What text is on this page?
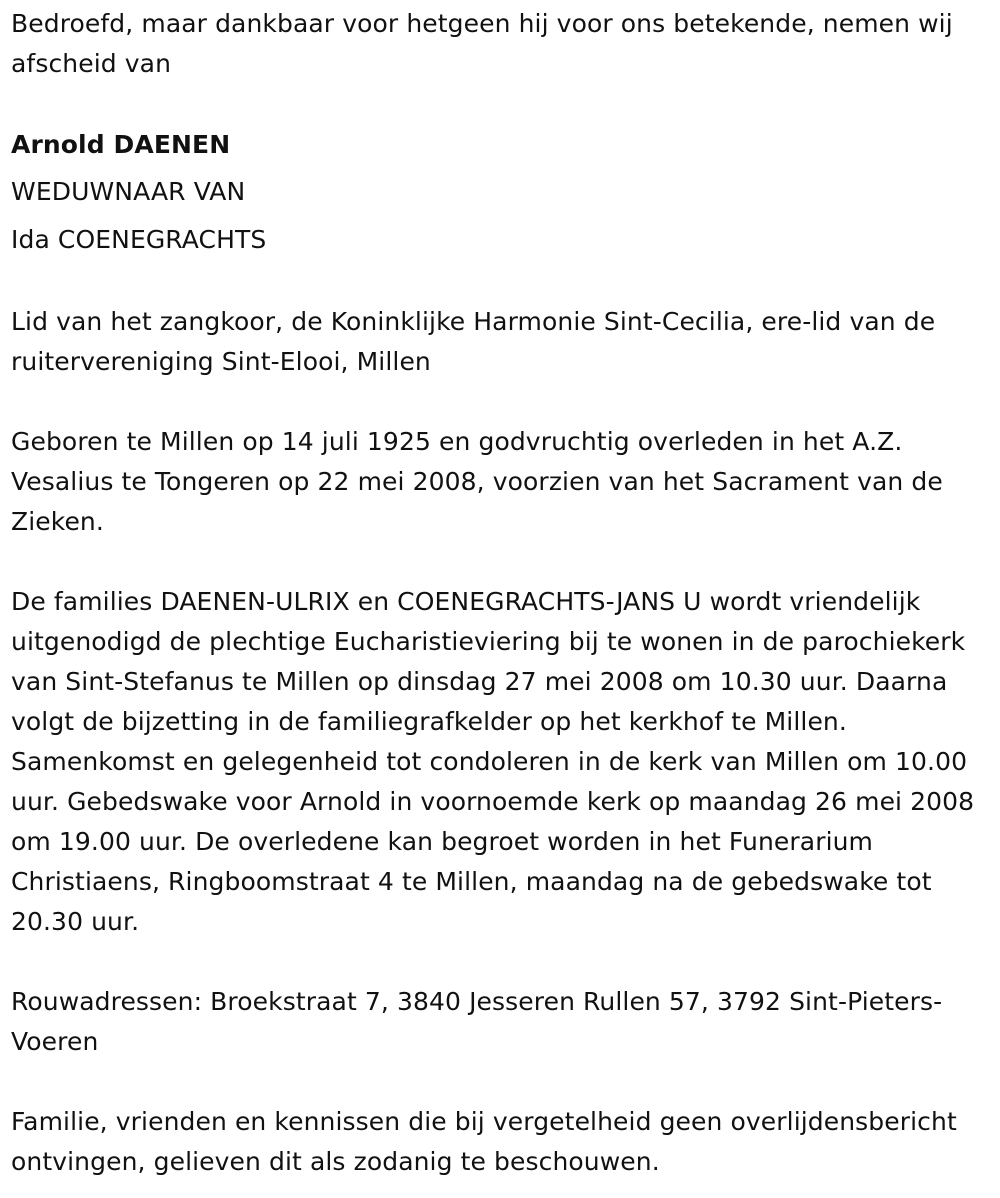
Bedroefd, maar dankbaar voor hetgeen hij voor ons betekende, nemen wij afscheid van

Arnold DAENEN

WEDUWNAAR VAN

Ida COENEGRACHTS

Lid van het zangkoor, de Koninklijke Harmonie Sint-Cecilia, ere-lid van de ruitervereniging Sint-Elooi, Millen

Geboren te Millen op 14 juli 1925 en godvruchtig overleden in het A.Z. Vesalius te Tongeren op 22 mei 2008, voorzien van het Sacrament van de Zieken.

De families DAENEN-ULRIX en COENEGRACHTS-JANS U wordt vriendelijk uitgenodigd de plechtige Eucharistieviering bij te wonen in de parochiekerk van Sint-Stefanus te Millen op dinsdag 27 mei 2008 om 10.30 uur. Daarna volgt de bijzetting in de familiegrafkelder op het kerkhof te Millen. Samenkomst en gelegenheid tot condoleren in de kerk van Millen om 10.00 uur. Gebedswake voor Arnold in voornoemde kerk op maandag 26 mei 2008 om 19.00 uur. De overledene kan begroet worden in het Funerarium Christiaens, Ringboomstraat 4 te Millen, maandag na de gebedswake tot 20.30 uur.

Rouwadressen: Broekstraat 7, 3840 Jesseren Rullen 57, 3792 Sint-Pieters-Voeren

Familie, vrienden en kennissen die bij vergetelheid geen overlijdensbericht ontvingen, gelieven dit als zodanig te beschouwen.
